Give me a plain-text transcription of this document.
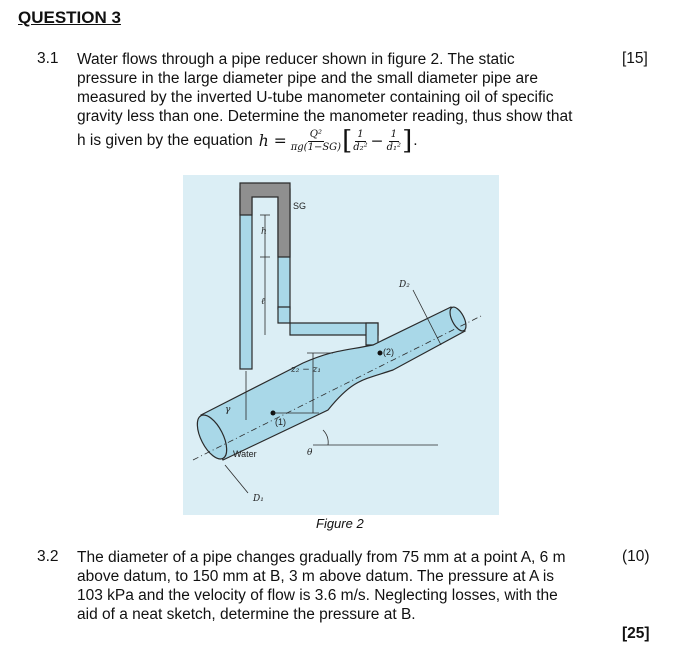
QUESTION 3
3.1 Water flows through a pipe reducer shown in figure 2. The static
pressure in the large diameter pipe and the small diameter pipe are
measured by the inverted U-tube manometer containing oil of specific
gravity less than one. Determine the manometer reading, thus show that
[15]
h is given by the equation $h = \frac{\text{Q²}}{\pi g(1-SG)}$ [ $\frac{1}{\text{d₂²}} - \frac{1}{\text{d₁²}}$ ] .
SG
h
ℓ
D₂
(2)
z₂ − z₁
γ
(1)
Water	θ
D₁
Figure 2
3.2 The diameter of a pipe changes gradually from 75 mm at a point A, 6 m
above datum, to 150 mm at B, 3 m above datum. The pressure at A is
103 kPa and the velocity of flow is 3.6 m/s. Neglecting losses, with the
aid of a neat sketch, determine the pressure at B.
(10)
[25]
